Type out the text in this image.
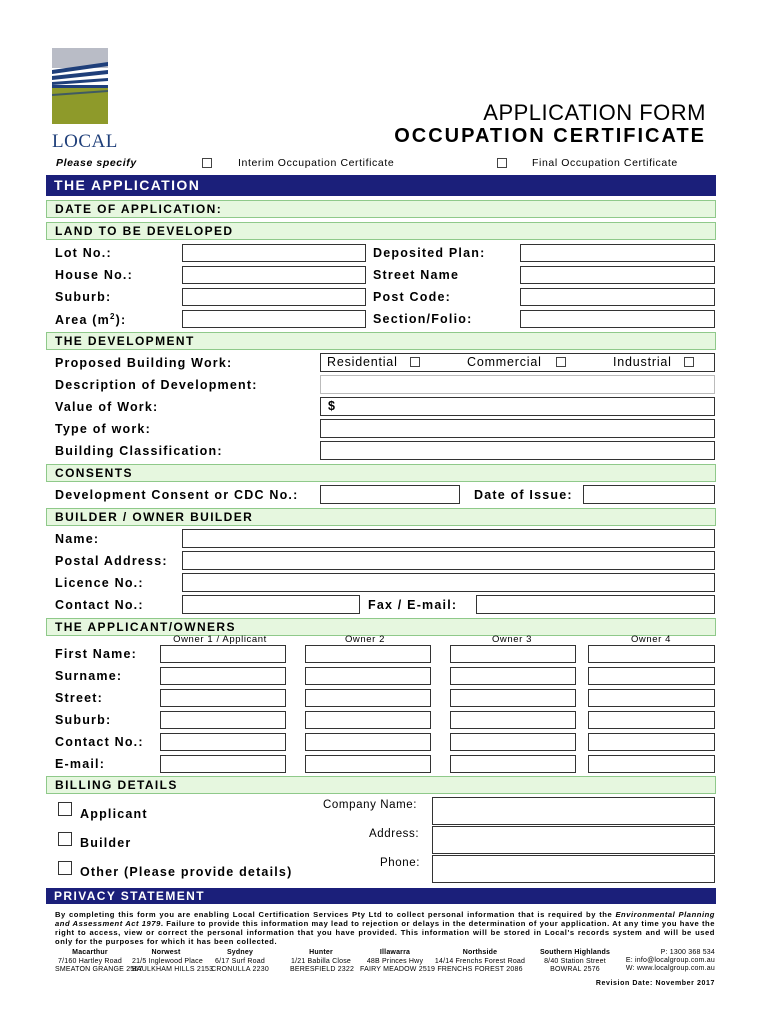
LOCAL
APPLICATION FORM
OCCUPATION CERTIFICATE
Please specify	Interim Occupation Certificate	Final Occupation Certificate
THE APPLICATION
DATE OF APPLICATION:
LAND TO BE DEVELOPED
Lot No.:	Deposited Plan:
House No.:	Street Name
Suburb:	Post Code:
Area $(m^2)$:	Section/Folio:
THE DEVELOPMENT
Proposed Building Work:	Residential	Commercial	Industrial
Description of Development:
Value of Work:	$
Type of work:
Building Classification:
CONSENTS
Development Consent or CDC No.:	Date of Issue:
BUILDER / OWNER BUILDER
Name:
Postal Address:
Licence No.:
Contact No.:	Fax / E-mail:
THE APPLICANT/OWNERS
Owner 1 / Applicant	Owner 2	Owner 3	Owner 4
First Name:
Surname:
Street:
Suburb:
Contact No.:
E-mail:
BILLING DETAILS
Applicant
Builder
Other (Please provide details)
Company Name:
Address:
Phone:
PRIVACY STATEMENT
By completing this form you are enabling Local Certification Services Pty Ltd to collect personal information that is required by the Environmental Planning and Assessment Act 1979. Failure to provide this information may lead to rejection or delays in the determination of your application. At any time you have the right to access, view or correct the personal information that you have provided. This information will be stored in Local's records system and will be used only for the purposes for which it has been collected.
Macarthur
7/160 Hartley Road
SMEATON GRANGE 2567
Norwest
21/5 Inglewood Place
BAULKHAM HILLS 2153
Sydney
6/17 Surf Road
CRONULLA 2230
Hunter
1/21 Babilla Close
BERESFIELD 2322
Illawarra
48B Princes Hwy
FAIRY MEADOW 2519
Northside
14/14 Frenchs Forest Road
FRENCHS FOREST 2086
Southern Highlands
8/40 Station Street
BOWRAL 2576
P: 1300 368 534
E: info@localgroup.com.au
W: www.localgroup.com.au
Revision Date: November 2017
